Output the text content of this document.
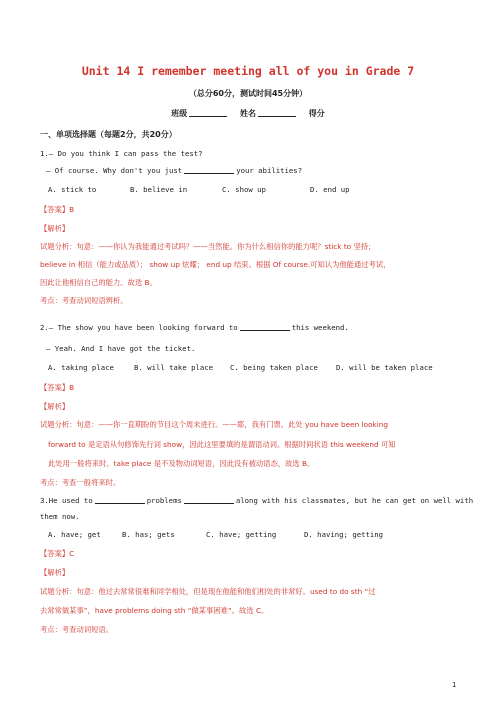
Unit 14 I remember meeting all of you in Grade 7
（总分60分，测试时间45分钟）
班级	姓名	得分
一、单项选择题（每题2分，共20分）
1.— Do you think I can pass the test?
— Of course. Why don't you just	your abilities?
A. stick to	B. believe in	C. show up	D. end up
【答案】B
【解析】
试题分析：句意：——你认为我能通过考试吗？——当然能。你为什么相信你的能力呢？stick to 坚持；
believe in 相信（能力或品质）； show up 炫耀； end up 结束。根据 Of course.可知认为他能通过考试，
因此让他相信自己的能力。故选 B。
考点：考查动词短语辨析。
2.— The show you have been looking forward to	this weekend.
— Yeah. And I have got the ticket.
A. taking place	B. will take place C. being taken place D. will be taken place
【答案】B
【解析】
试题分析：句意：——你一直期盼的节目这个周末进行。——耶，我有门票。此处 you have been looking
forward to 是定语从句修饰先行词 show，因此这里要填的是谓语动词。根据时间状语 this weekend 可知
此处用一般将来时。take place 是不及物动词短语，因此没有被动语态，故选 B。
考点：考查一般将来时。
3.He used to	problems	along with his classmates, but he can get on well with
them now.
A. have; get	B. has; gets	C. have; getting	D. having; getting
【答案】C
【解析】
试题分析：句意：他过去常常很难和同学相处，但是现在他能和他们相处的非常好。used to do sth “过
去常常做某事”，have problems doing sth “做某事困难”。故选 C。
考点：考查动词短语。
1
